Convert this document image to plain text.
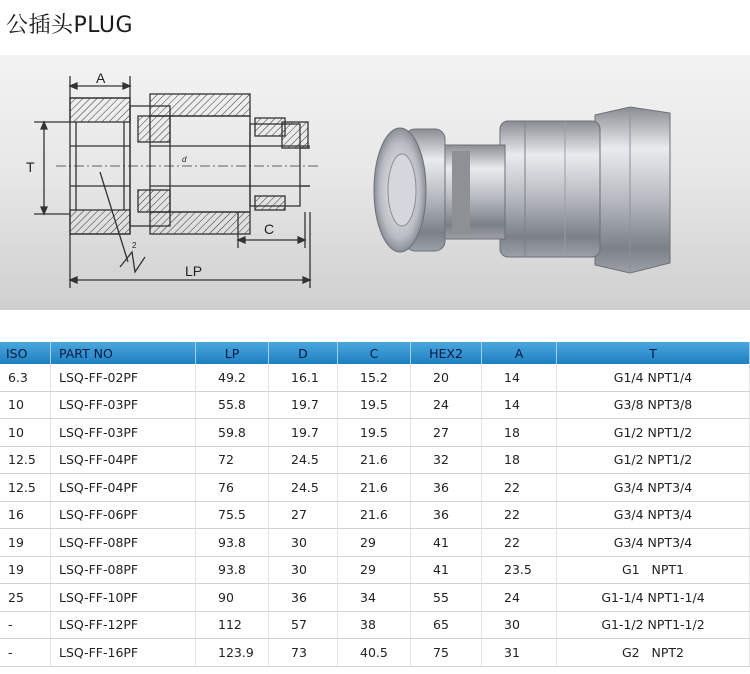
公插头PLUG
A
T
C
LP
d
2
ISO	PART NO	LP	D	C	HEX2	A	T
6.3	LSQ-FF-02PF	49.2	16.1	15.2	20	14	G1/4 NPT1/4
10	LSQ-FF-03PF	55.8	19.7	19.5	24	14	G3/8 NPT3/8
10	LSQ-FF-03PF	59.8	19.7	19.5	27	18	G1/2 NPT1/2
12.5	LSQ-FF-04PF	72	24.5	21.6	32	18	G1/2 NPT1/2
12.5	LSQ-FF-04PF	76	24.5	21.6	36	22	G3/4 NPT3/4
16	LSQ-FF-06PF	75.5	27	21.6	36	22	G3/4 NPT3/4
19	LSQ-FF-08PF	93.8	30	29	41	22	G3/4 NPT3/4
19	LSQ-FF-08PF	93.8	30	29	41	23.5	G1   NPT1
25	LSQ-FF-10PF	90	36	34	55	24	G1-1/4 NPT1-1/4
-	LSQ-FF-12PF	112	57	38	65	30	G1-1/2 NPT1-1/2
-	LSQ-FF-16PF	123.9	73	40.5	75	31	G2   NPT2
